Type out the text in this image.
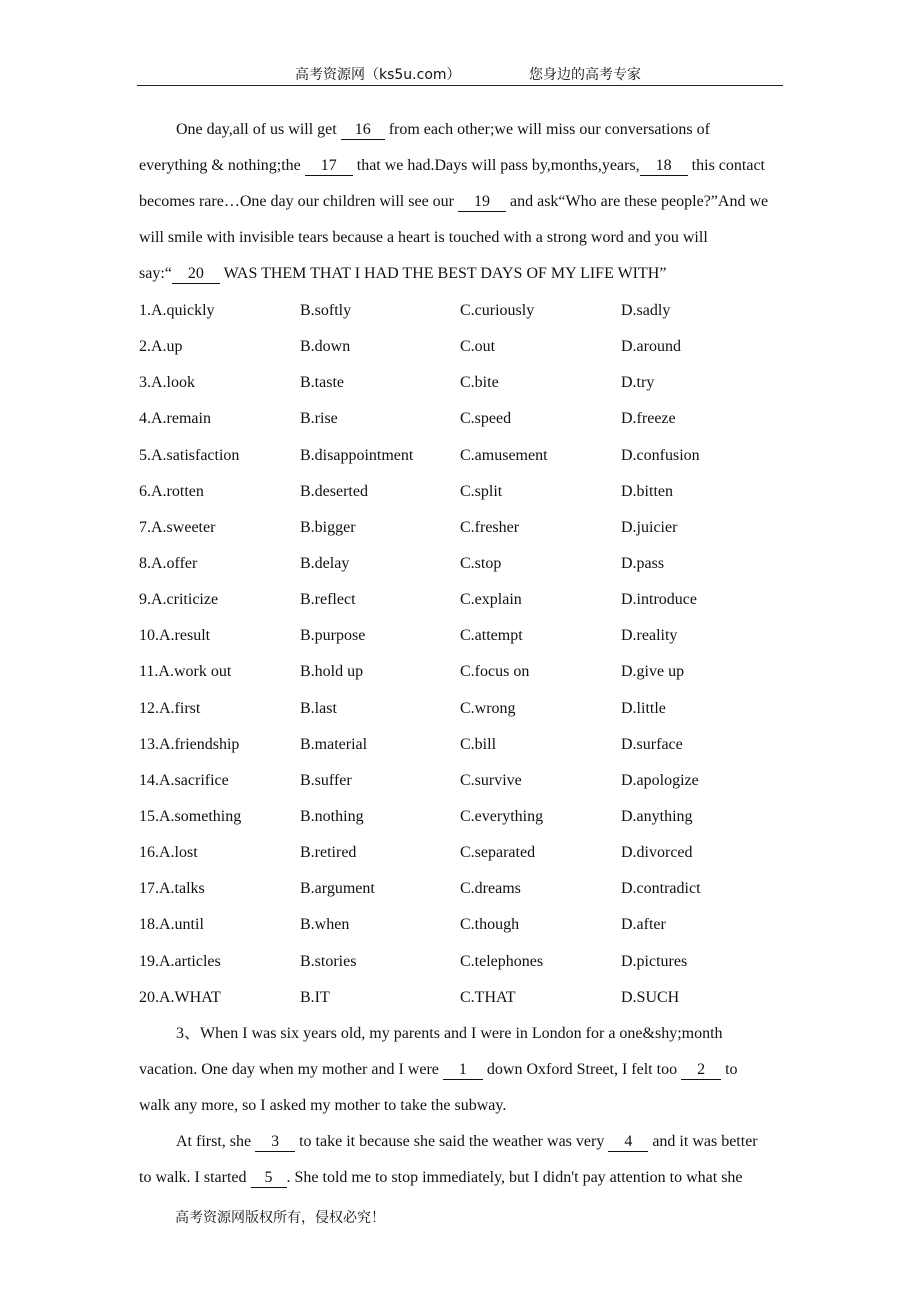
高考资源网（ks5u.com）	您身边的高考专家

One day,all of us will get 16 from each other;we will miss our conversations of

everything & nothing;the 17 that we had.Days will pass by,months,years, 18 this contact

becomes rare…One day our children will see our 19 and ask“Who are these people?”And we

will smile with invisible tears because a heart is touched with a strong word and you will

say:“ 20 WAS THEM THAT I HAD THE BEST DAYS OF MY LIFE WITH”

1.A.quickly	B.softly	C.curiously	D.sadly
2.A.up	B.down	C.out	D.around
3.A.look	B.taste	C.bite	D.try
4.A.remain	B.rise	C.speed	D.freeze
5.A.satisfaction	B.disappointment	C.amusement	D.confusion
6.A.rotten	B.deserted	C.split	D.bitten
7.A.sweeter	B.bigger	C.fresher	D.juicier
8.A.offer	B.delay	C.stop	D.pass
9.A.criticize	B.reflect	C.explain	D.introduce
10.A.result	B.purpose	C.attempt	D.reality
11.A.work out	B.hold up	C.focus on	D.give up
12.A.first	B.last	C.wrong	D.little
13.A.friendship	B.material	C.bill	D.surface
14.A.sacrifice	B.suffer	C.survive	D.apologize
15.A.something	B.nothing	C.everything	D.anything
16.A.lost	B.retired	C.separated	D.divorced
17.A.talks	B.argument	C.dreams	D.contradict
18.A.until	B.when	C.though	D.after
19.A.articles	B.stories	C.telephones	D.pictures
20.A.WHAT	B.IT	C.THAT	D.SUCH

3、When I was six years old, my parents and I were in London for a one&shy;month

vacation. One day when my mother and I were 1 down Oxford Street, I felt too 2 to

walk any more, so I asked my mother to take the subway.

At first, she 3 to take it because she said the weather was very 4 and it was better

to walk. I started 5 . She told me to stop immediately, but I didn't pay attention to what she

高考资源网版权所有，侵权必究！
